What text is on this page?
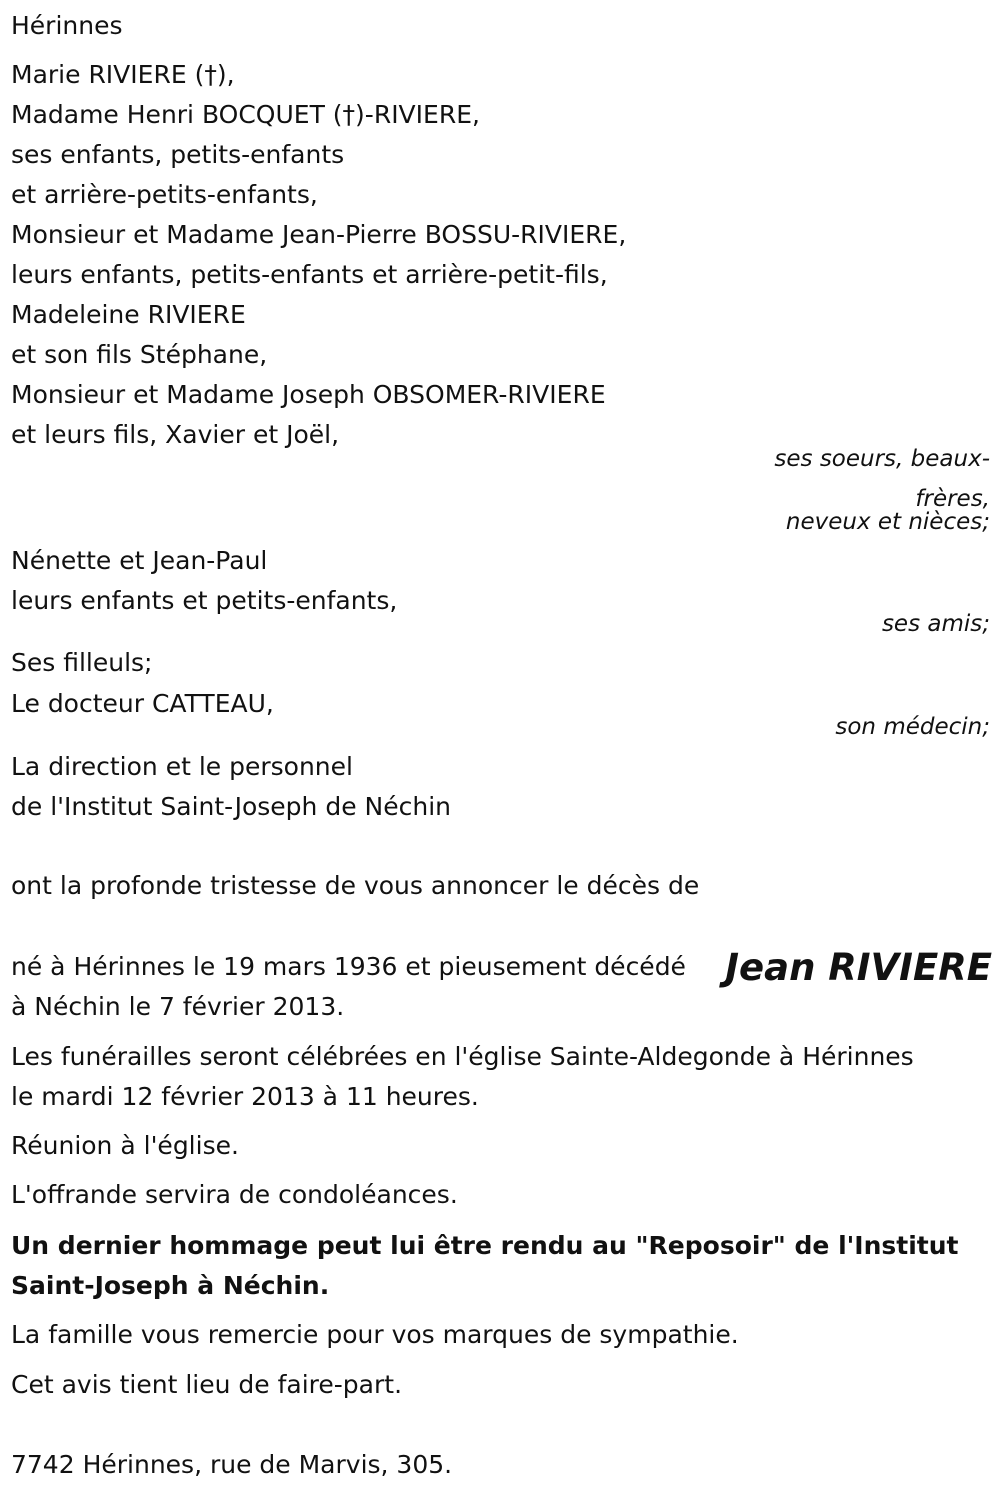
Hérinnes

Marie RIVIERE (†),

Madame Henri BOCQUET (†)-RIVIERE,

ses enfants, petits-enfants

et arrière-petits-enfants,

Monsieur et Madame Jean-Pierre BOSSU-RIVIERE,

leurs enfants, petits-enfants et arrière-petit-fils,

Madeleine RIVIERE

et son fils Stéphane,

Monsieur et Madame Joseph OBSOMER-RIVIERE

et leurs fils, Xavier et Joël,

ses soeurs, beaux-

frères,

neveux et nièces;

Nénette et Jean-Paul

leurs enfants et petits-enfants,

ses amis;

Ses filleuls;

Le docteur CATTEAU,

son médecin;

La direction et le personnel

de l'Institut Saint-Joseph de Néchin

ont la profonde tristesse de vous annoncer le décès de

né à Hérinnes le 19 mars 1936 et pieusement décédé Jean RIVIERE

à Néchin le 7 février 2013.

Les funérailles seront célébrées en l'église Sainte-Aldegonde à Hérinnes

le mardi 12 février 2013 à 11 heures.

Réunion à l'église.

L'offrande servira de condoléances.

Un dernier hommage peut lui être rendu au "Reposoir" de l'Institut

Saint-Joseph à Néchin.

La famille vous remercie pour vos marques de sympathie.

Cet avis tient lieu de faire-part.

7742 Hérinnes, rue de Marvis, 305.
